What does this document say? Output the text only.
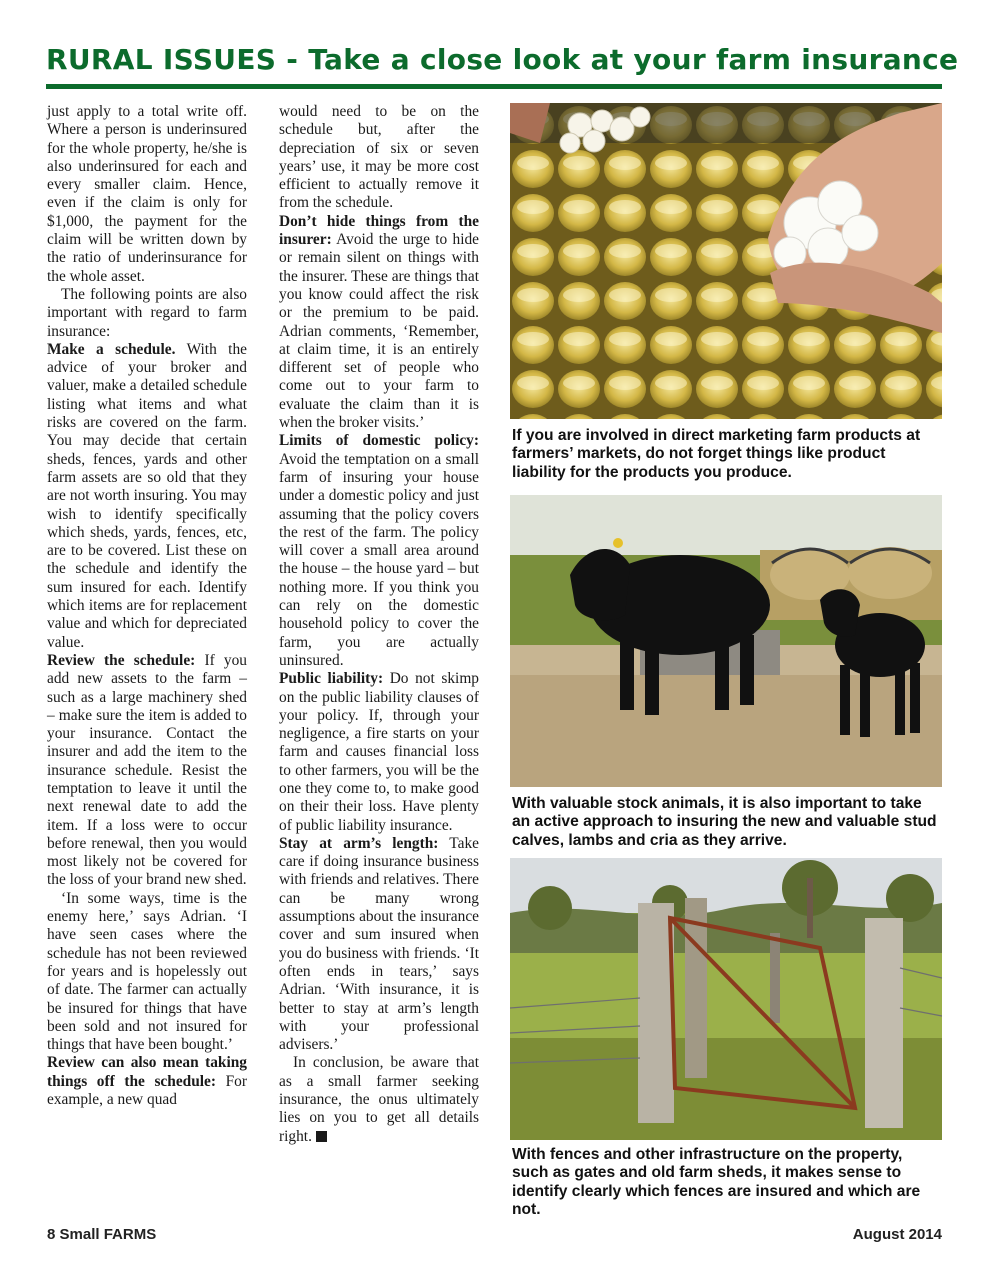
RURAL ISSUES - Take a close look at your farm insurance

just apply to a total write off. Where a person is underinsured for the whole property, he/she is also underinsured for each and every smaller claim. Hence, even if the claim is only for $1,000, the payment for the claim will be written down by the ratio of underinsurance for the whole asset.

The following points are also important with regard to farm insurance:

Make a schedule. With the advice of your broker and valuer, make a detailed schedule listing what items and what risks are covered on the farm. You may decide that certain sheds, fences, yards and other farm assets are so old that they are not worth insuring. You may wish to identify specifically which sheds, yards, fences, etc, are to be covered. List these on the schedule and identify the sum insured for each. Identify which items are for replacement value and which for depreciated value.

Review the schedule: If you add new assets to the farm – such as a large machinery shed – make sure the item is added to your insurance. Contact the insurer and add the item to the insurance schedule. Resist the temptation to leave it until the next renewal date to add the item. If a loss were to occur before renewal, then you would most likely not be covered for the loss of your brand new shed.

‘In some ways, time is the enemy here,’ says Adrian. ‘I have seen cases where the schedule has not been reviewed for years and is hopelessly out of date. The farmer can actually be insured for things that have been sold and not insured for things that have been bought.’

Review can also mean taking things off the schedule: For example, a new quad

would need to be on the schedule but, after the depreciation of six or seven years’ use, it may be more cost efficient to actually remove it from the schedule.

Don’t hide things from the insurer: Avoid the urge to hide or remain silent on things with the insurer. These are things that you know could affect the risk or the premium to be paid. Adrian comments, ‘Remember, at claim time, it is an entirely different set of people who come out to your farm to evaluate the claim than it is when the broker visits.’

Limits of domestic policy: Avoid the temptation on a small farm of insuring your house under a domestic policy and just assuming that the policy covers the rest of the farm. The policy will cover a small area around the house – the house yard – but nothing more. If you think you can rely on the domestic household policy to cover the farm, you are actually uninsured.

Public liability: Do not skimp on the public liability clauses of your policy. If, through your negligence, a fire starts on your farm and causes financial loss to other farmers, you will be the one they come to, to make good on their their loss. Have plenty of public liability insurance.

Stay at arm’s length: Take care if doing insurance business with friends and relatives. There can be many wrong assumptions about the insurance cover and sum insured when you do business with friends. ‘It often ends in tears,’ says Adrian. ‘With insurance, it is better to stay at arm’s length with your professional advisers.’

In conclusion, be aware that as a small farmer seeking insurance, the onus ultimately lies on you to get all details right.

If you are involved in direct marketing farm products at farmers’ markets, do not forget things like product liability for the products you produce.
With valuable stock animals, it is also important to take an active approach to insuring the new and valuable stud calves, lambs and cria as they arrive.
With fences and other infrastructure on the property, such as gates and old farm sheds, it makes sense to identify clearly which fences are insured and which are not.
8 Small FARMS	August 2014
